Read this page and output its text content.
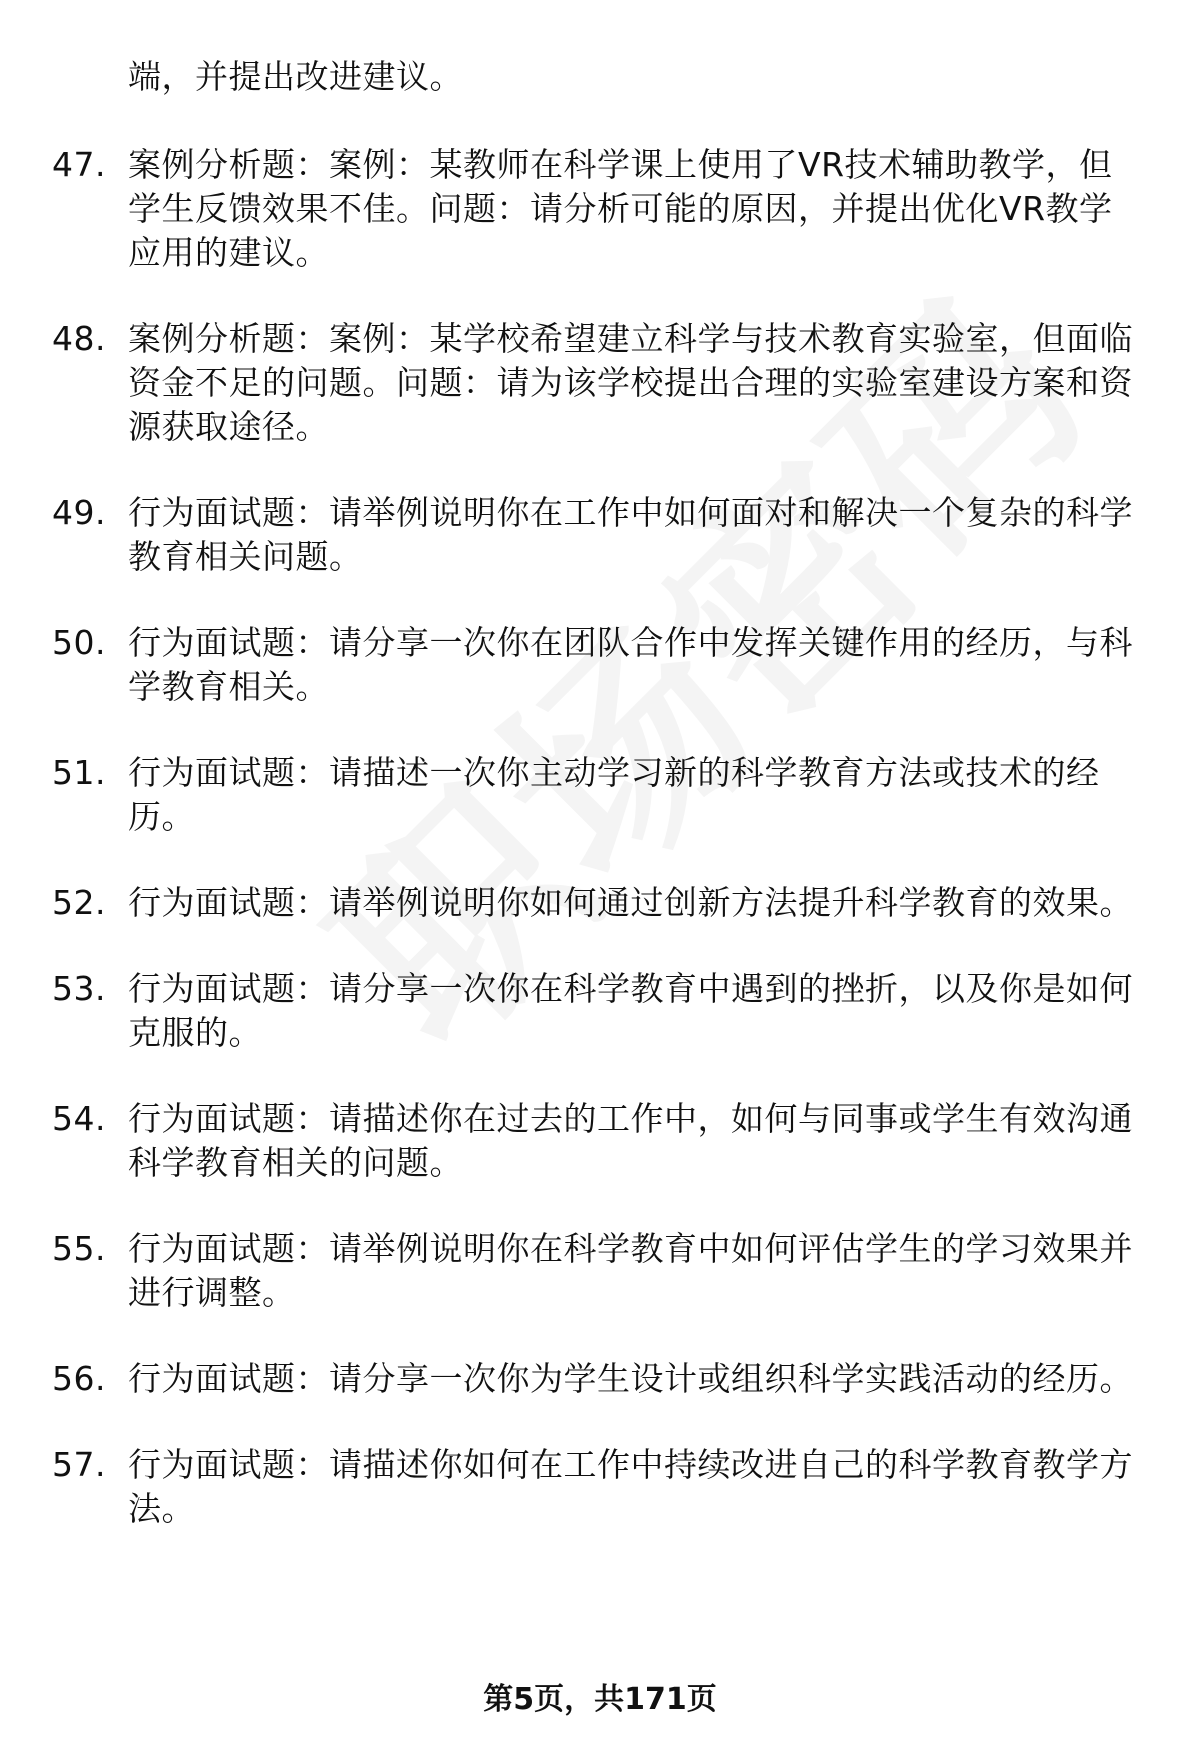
端，并提出改进建议。
47. 案例分析题：案例：某教师在科学课上使用了VR技术辅助教学，但学生反馈效果不佳。问题：请分析可能的原因，并提出优化VR教学应用的建议。
48. 案例分析题：案例：某学校希望建立科学与技术教育实验室，但面临资金不足的问题。问题：请为该学校提出合理的实验室建设方案和资源获取途径。
49. 行为面试题：请举例说明你在工作中如何面对和解决一个复杂的科学教育相关问题。
50. 行为面试题：请分享一次你在团队合作中发挥关键作用的经历，与科学教育相关。
51. 行为面试题：请描述一次你主动学习新的科学教育方法或技术的经历。
52. 行为面试题：请举例说明你如何通过创新方法提升科学教育的效果。
53. 行为面试题：请分享一次你在科学教育中遇到的挫折，以及你是如何克服的。
54. 行为面试题：请描述你在过去的工作中，如何与同事或学生有效沟通科学教育相关的问题。
55. 行为面试题：请举例说明你在科学教育中如何评估学生的学习效果并进行调整。
56. 行为面试题：请分享一次你为学生设计或组织科学实践活动的经历。
57. 行为面试题：请描述你如何在工作中持续改进自己的科学教育教学方法。
第5页，共171页
